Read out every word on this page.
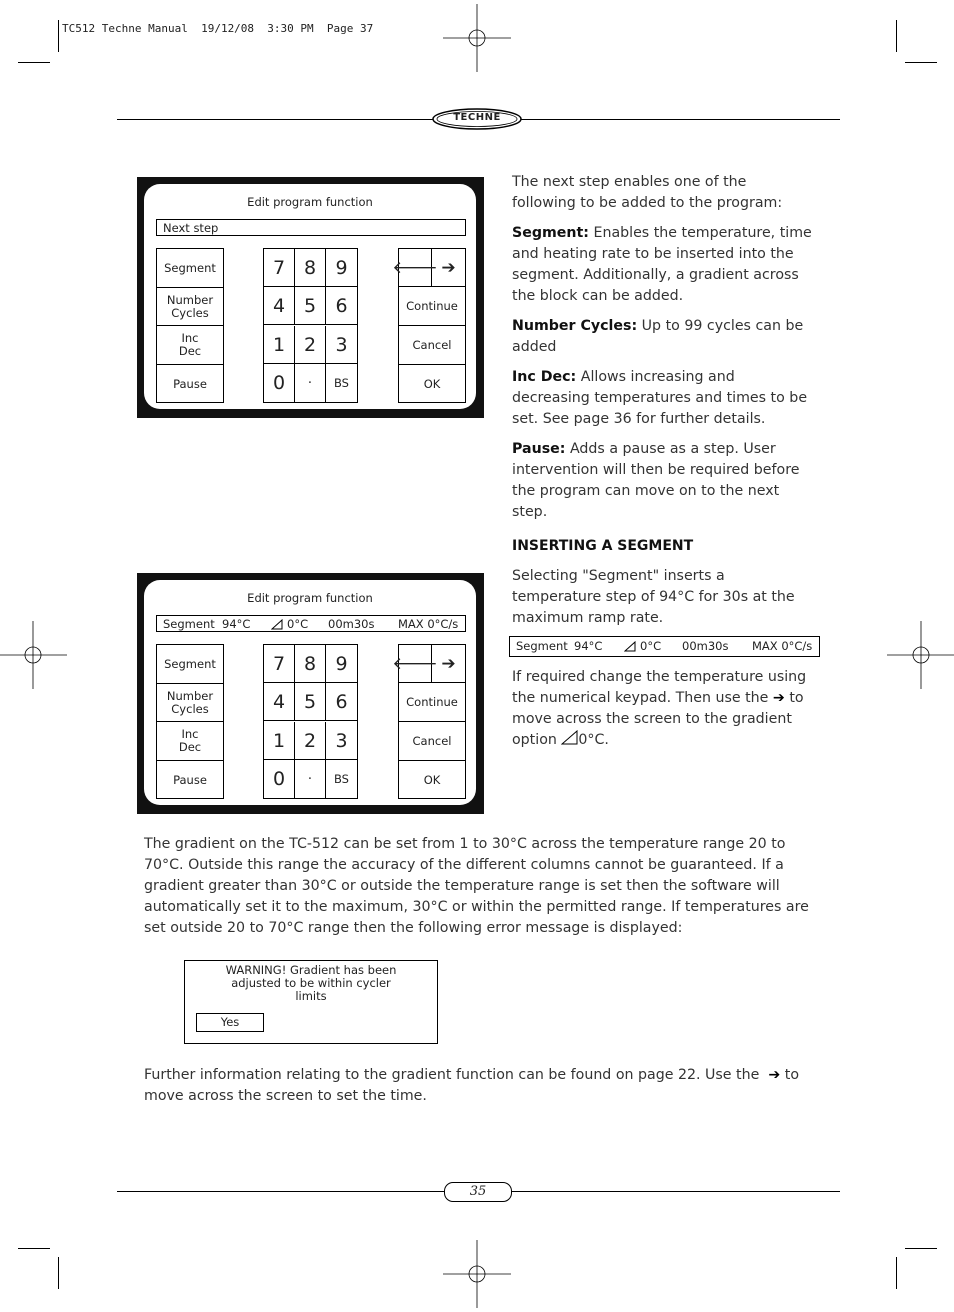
TC512 Techne Manual  19/12/08  3:30 PM  Page 37
TECHNE
Edit program function
Next step
Segment
Number Cycles
Inc Dec
Pause
7 8	9
4 5	6
1 2	3
0	·	BS
🡐 ➔
Continue
Cancel
OK
Edit program function
Segment 94°C	0°C 00m30s MAX 0°C/s
Segment
Number Cycles
Inc Dec
Pause
7 8	9
4 5	6
1 2	3
0	·	BS
🡐 ➔
Continue
Cancel
OK

The next step enables one of the following to be added to the program:

Segment: Enables the temperature, time and heating rate to be inserted into the segment. Additionally, a gradient across the block can be added.

Number Cycles: Up to 99 cycles can be added

Inc Dec: Allows increasing and decreasing temperatures and times to be set. See page 36 for further details.

Pause: Adds a pause as a step. User intervention will then be required before the program can move on to the next step.

INSERTING A SEGMENT
Selecting "Segment" inserts a temperature step of 94°C for 30s at the maximum ramp rate.
Segment 94°C	0°C 00m30s MAX 0°C/s
If required change the temperature using the numerical keypad. Then use the ➔ to move across the screen to the gradient option 0°C.
The gradient on the TC-512 can be set from 1 to 30°C across the temperature range 20 to 70°C. Outside this range the accuracy of the different columns cannot be guaranteed. If a gradient greater than 30°C or outside the temperature range is set then the software will automatically set it to the maximum, 30°C or within the permitted range. If temperatures are set outside 20 to 70°C range then the following error message is displayed:
WARNING! Gradient has been adjusted to be within cycler limits
Yes
Further information relating to the gradient function can be found on page 22. Use the ➔ to move across the screen to set the time.
35
